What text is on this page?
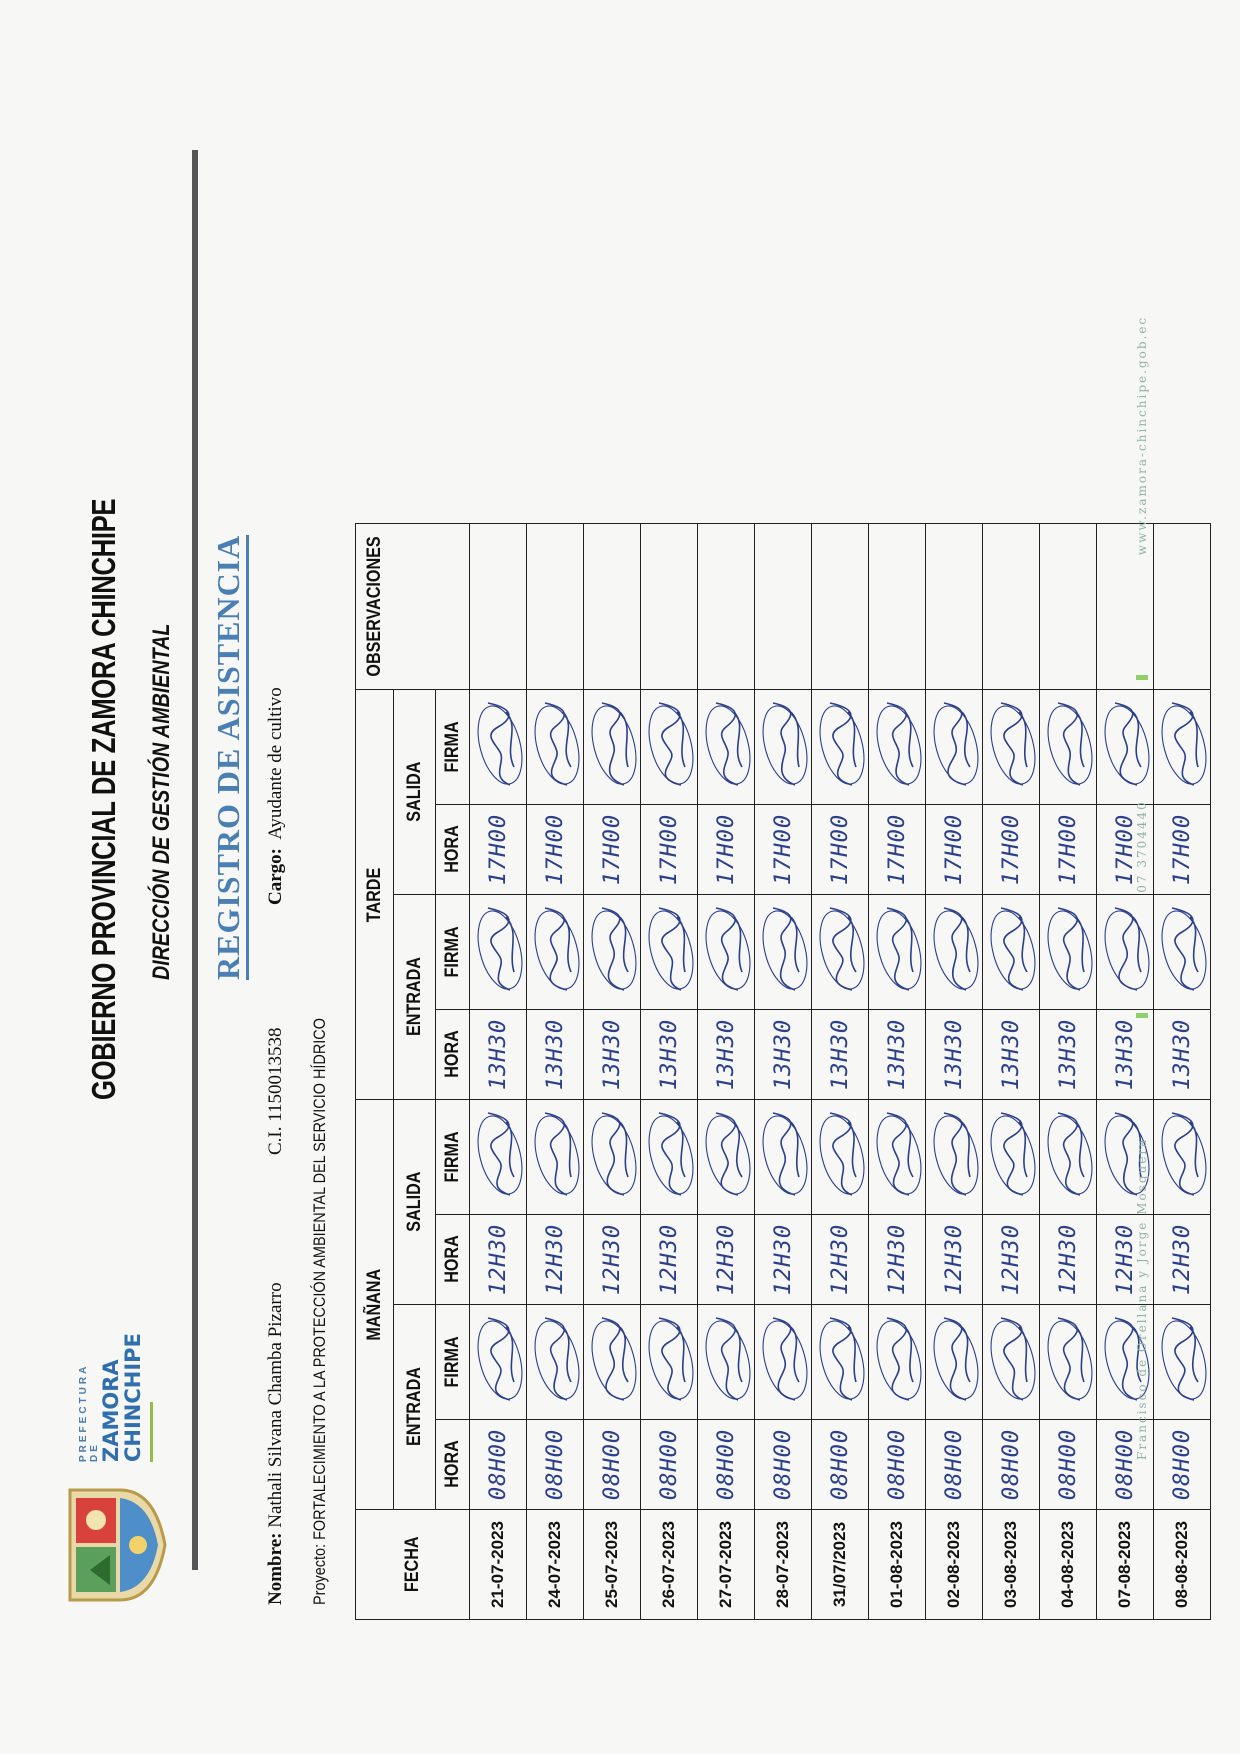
PREFECTURA DE ZAMORA
CHINCHIPE
GOBIERNO PROVINCIAL DE ZAMORA CHINCHIPE DIRECCIÓN DE GESTIÓN AMBIENTAL REGISTRO DE ASISTENCIA
Nombre: Nathali Silvana Chamba Pizarro
C.I. 1150013538
Cargo:  Ayudante de cultivo
Proyecto: FORTALECIMIENTO A LA PROTECCIÓN AMBIENTAL DEL SERVICIO HÍDRICO
FECHA	MAÑANA				TARDE				OBSERVACIONES
	ENTRADA		SALIDA		ENTRADA		SALIDA		
	HORA	FIRMA	HORA	FIRMA	HORA	FIRMA	HORA	FIRMA	
21-07-2023	08H00		12H30		13H30		17H00	

24-07-2023	08H00		12H30		13H30		17H00	

25-07-2023	08H00		12H30		13H30		17H00	

26-07-2023	08H00		12H30		13H30		17H00	

27-07-2023	08H00		12H30		13H30		17H00	

28-07-2023	08H00		12H30		13H30		17H00	

31/07/2023	08H00		12H30		13H30		17H00	

01-08-2023	08H00		12H30		13H30		17H00	

02-08-2023	08H00		12H30		13H30		17H00	

03-08-2023	08H00		12H30		13H30		17H00	

04-08-2023	08H00		12H30		13H30		17H00	

07-08-2023	08H00		12H30		13H30		17H00	

08-08-2023	08H00		12H30		13H30		17H00	

Francisco de Orellana y Jorge Mosquera
07 3704440
www.zamora-chinchipe.gob.ec
